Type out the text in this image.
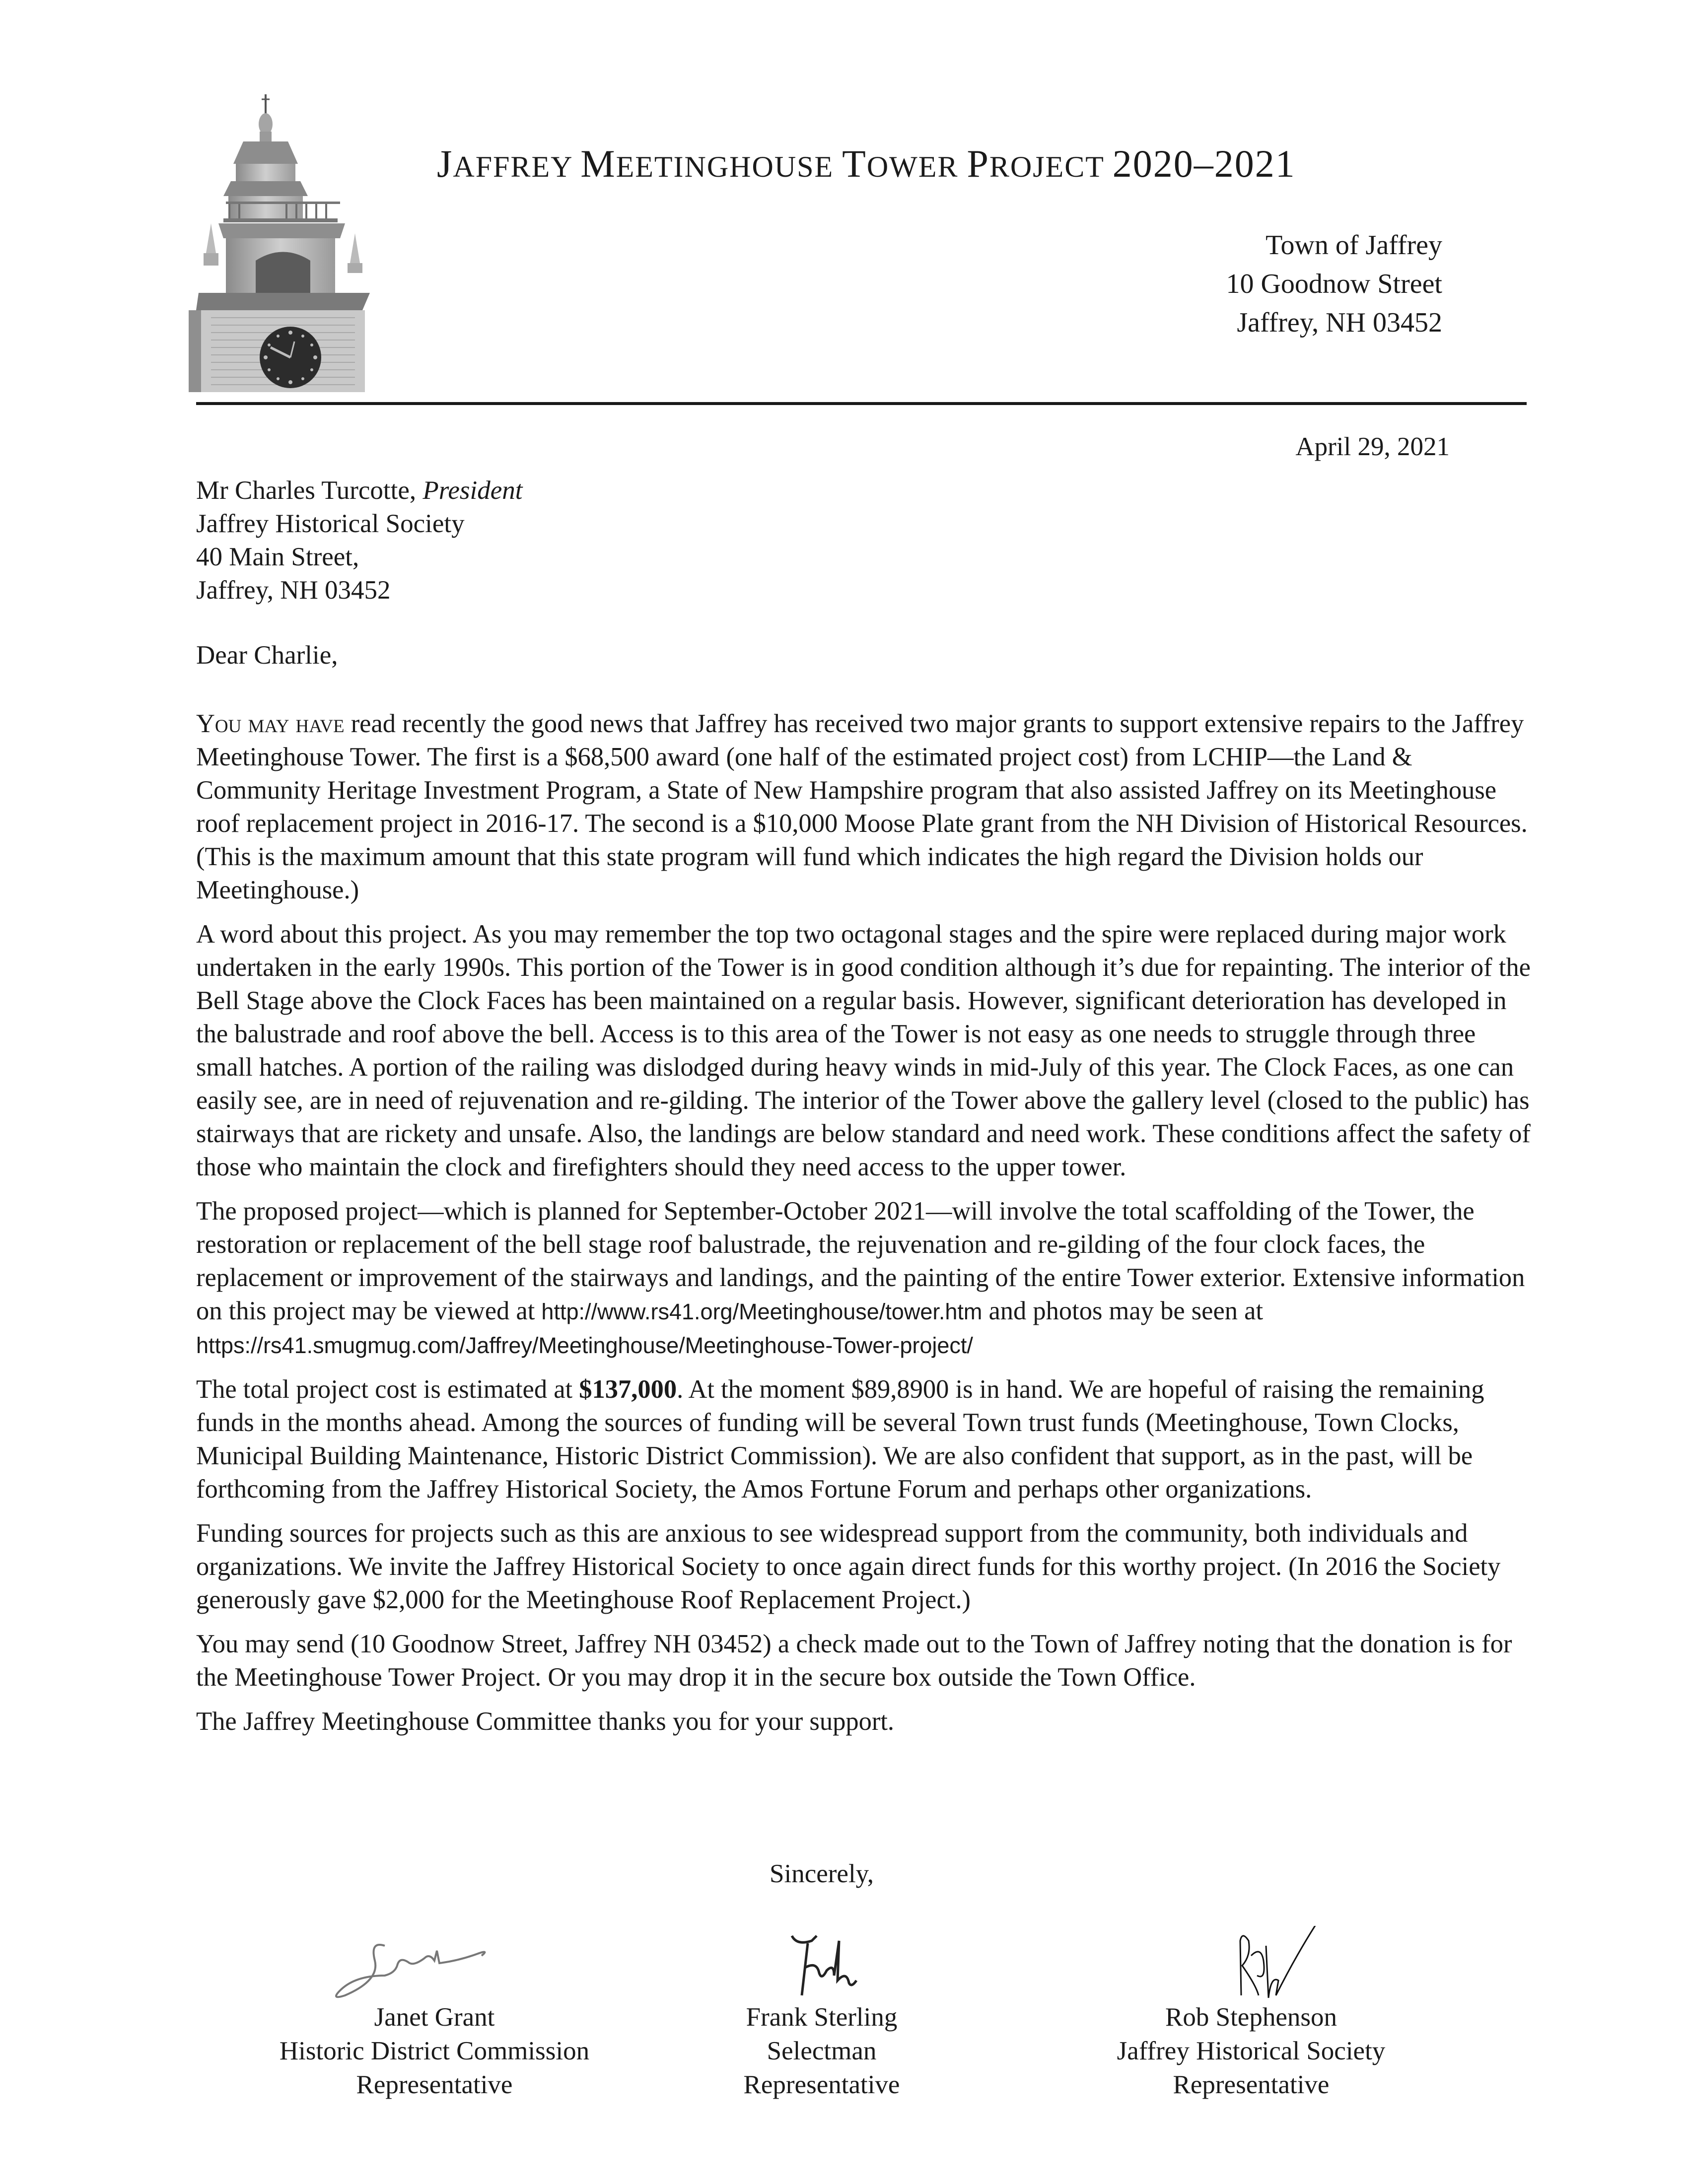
JAFFREY MEETINGHOUSE TOWER PROJECT 2020–2021
Town of Jaffrey
10 Goodnow Street
Jaffrey, NH 03452
April 29, 2021
Mr Charles Turcotte, President
Jaffrey Historical Society
40 Main Street,
Jaffrey, NH 03452
Dear Charlie,

You may have read recently the good news that Jaffrey has received two major grants to support extensive repairs to the Jaffrey Meetinghouse Tower. The first is a $68,500 award (one half of the estimated project cost) from LCHIP—the Land & Community Heritage Investment Program, a State of New Hampshire program that also assisted Jaffrey on its Meetinghouse roof replacement project in 2016-17. The second is a $10,000 Moose Plate grant from the NH Division of Historical Resources. (This is the maximum amount that this state program will fund which indicates the high regard the Division holds our Meetinghouse.)

A word about this project. As you may remember the top two octagonal stages and the spire were replaced during major work undertaken in the early 1990s. This portion of the Tower is in good condition although it’s due for repainting. The interior of the Bell Stage above the Clock Faces has been maintained on a regular basis. However, significant deterioration has developed in the balustrade and roof above the bell. Access is to this area of the Tower is not easy as one needs to struggle through three small hatches. A portion of the railing was dislodged during heavy winds in mid-July of this year. The Clock Faces, as one can easily see, are in need of rejuvenation and re-gilding. The interior of the Tower above the gallery level (closed to the public) has stairways that are rickety and unsafe. Also, the landings are below standard and need work. These conditions affect the safety of those who maintain the clock and firefighters should they need access to the upper tower.

The proposed project—which is planned for September-October 2021—will involve the total scaffolding of the Tower, the restoration or replacement of the bell stage roof balustrade, the rejuvenation and re-gilding of the four clock faces, the replacement or improvement of the stairways and landings, and the painting of the entire Tower exterior. Extensive information on this project may be viewed at http://www.rs41.org/Meetinghouse/tower.htm and photos may be seen at https://rs41.smugmug.com/Jaffrey/Meetinghouse/Meetinghouse-Tower-project/

The total project cost is estimated at $137,000. At the moment $89,8900 is in hand. We are hopeful of raising the remaining funds in the months ahead. Among the sources of funding will be several Town trust funds (Meetinghouse, Town Clocks, Municipal Building Maintenance, Historic District Commission). We are also confident that support, as in the past, will be forthcoming from the Jaffrey Historical Society, the Amos Fortune Forum and perhaps other organizations.

Funding sources for projects such as this are anxious to see widespread support from the community, both individuals and organizations. We invite the Jaffrey Historical Society to once again direct funds for this worthy project. (In 2016 the Society generously gave $2,000 for the Meetinghouse Roof Replacement Project.)

You may send (10 Goodnow Street, Jaffrey NH 03452) a check made out to the Town of Jaffrey noting that the donation is for the Meetinghouse Tower Project. Or you may drop it in the secure box outside the Town Office.

The Jaffrey Meetinghouse Committee thanks you for your support.

Sincerely,
Janet Grant
Historic District Commission
Representative
Frank Sterling
Selectman
Representative
Rob Stephenson
Jaffrey Historical Society
Representative
